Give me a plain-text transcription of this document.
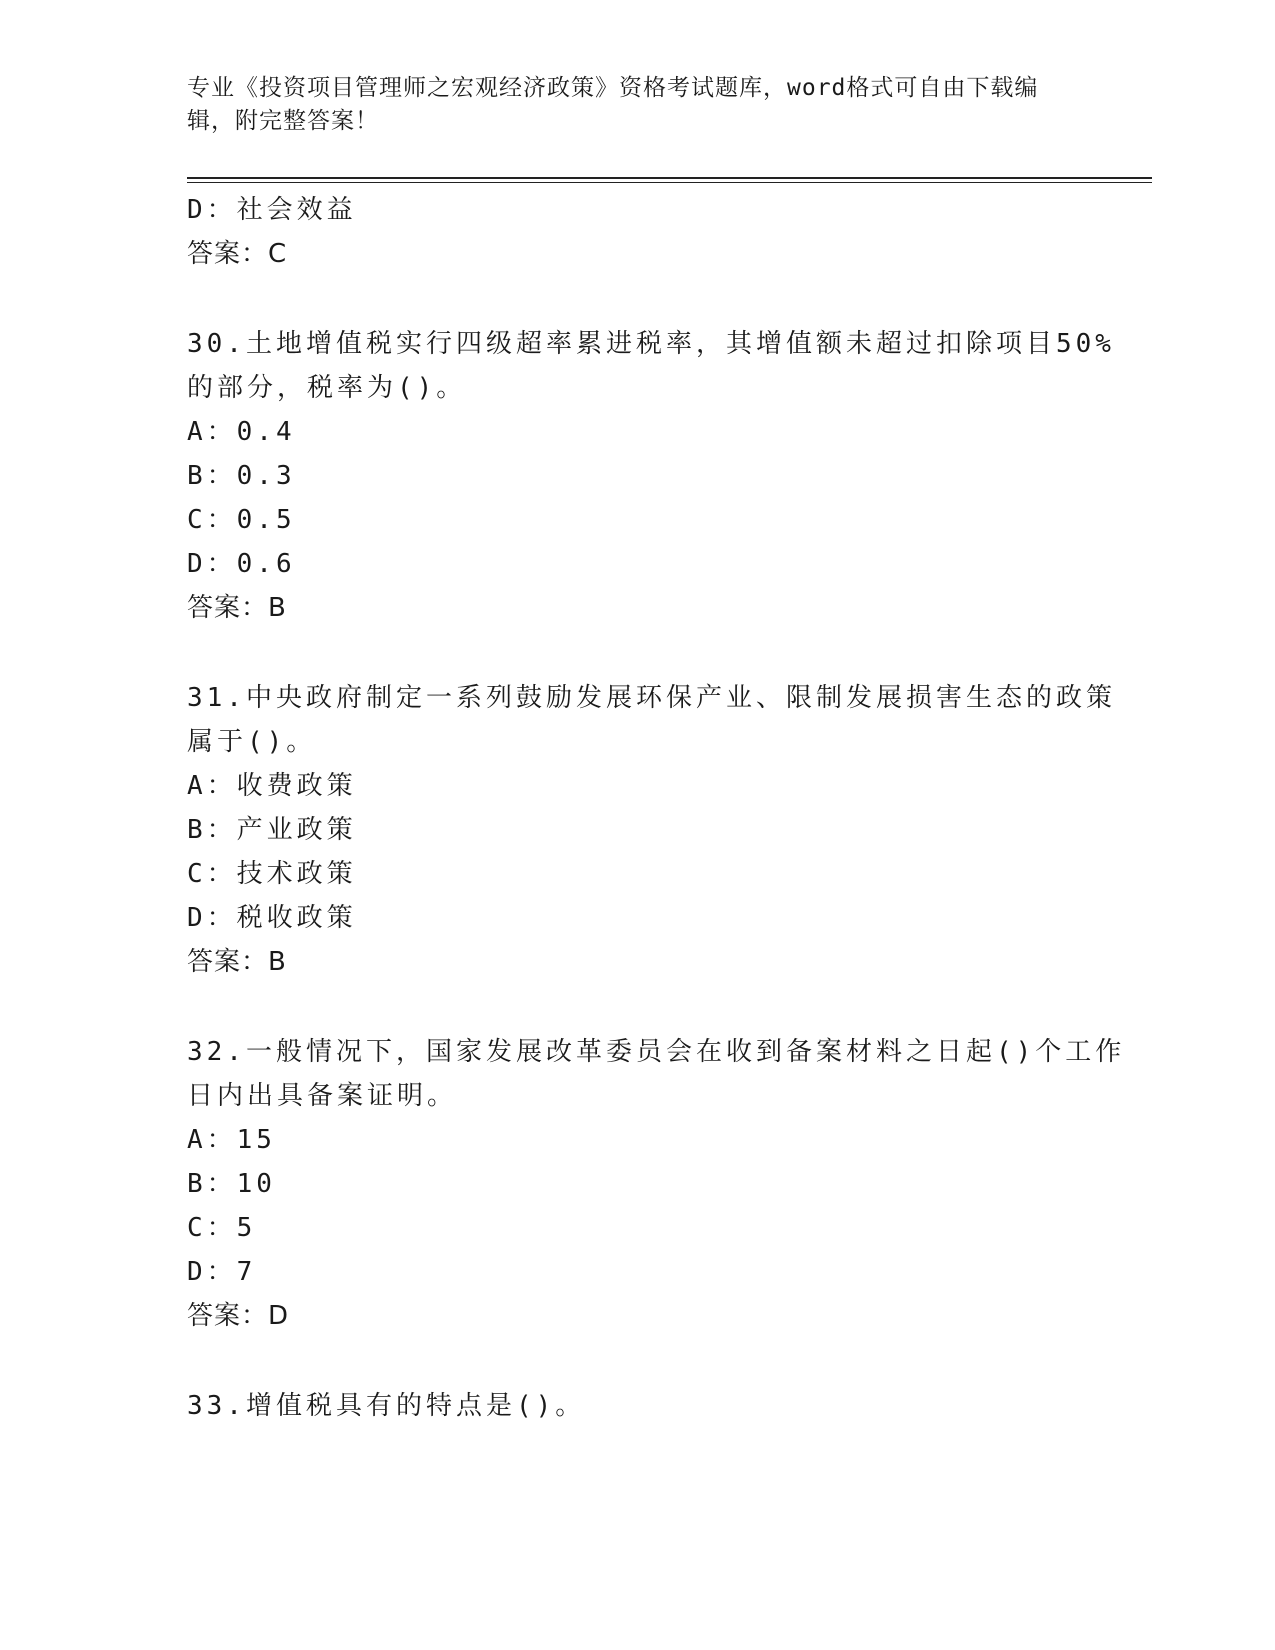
专业《投资项目管理师之宏观经济政策》资格考试题库，word格式可自由下载编
辑，附完整答案！
D：社会效益
答案：C
30.土地增值税实行四级超率累进税率，其增值额未超过扣除项目50%
的部分，税率为()。
A：0.4
B：0.3
C：0.5
D：0.6
答案：B
31.中央政府制定一系列鼓励发展环保产业、限制发展损害生态的政策
属于()。
A：收费政策
B：产业政策
C：技术政策
D：税收政策
答案：B
32.一般情况下，国家发展改革委员会在收到备案材料之日起()个工作
日内出具备案证明。
A：15
B：10
C：5
D：7
答案：D
33.增值税具有的特点是()。
